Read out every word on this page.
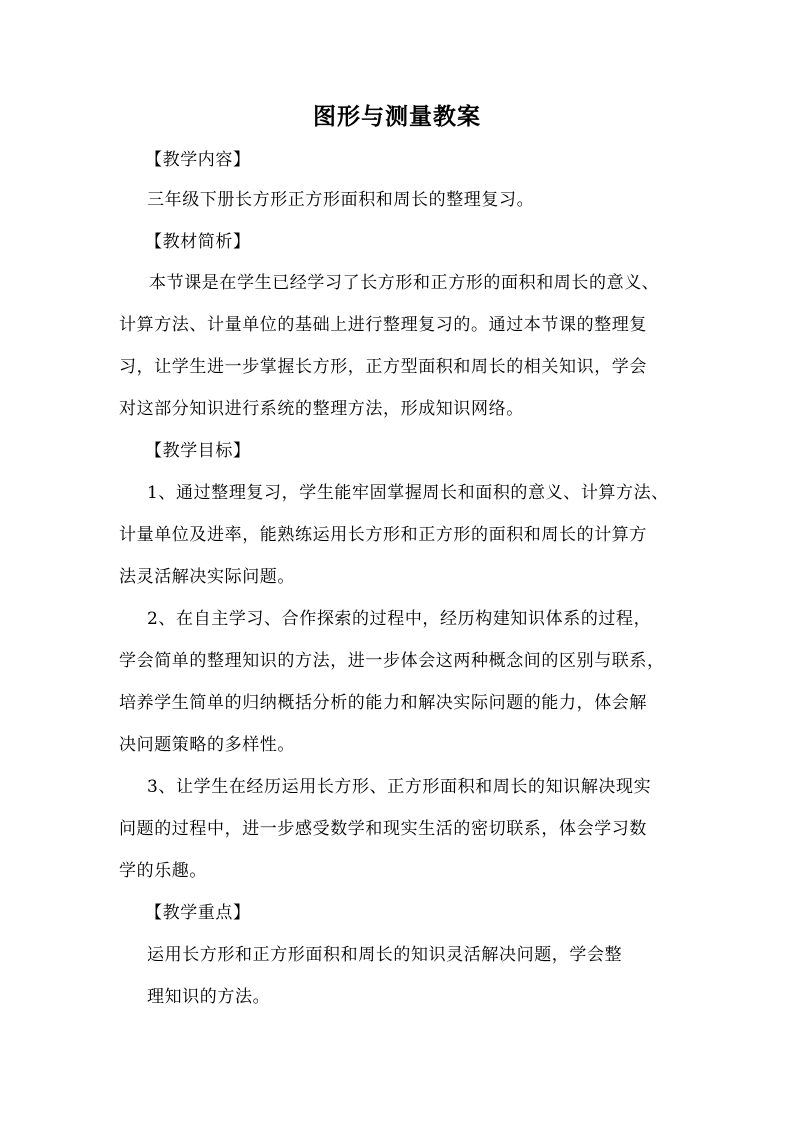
图形与测量教案
【教学内容】
三年级下册长方形正方形面积和周长的整理复习。
【教材简析】
本节课是在学生已经学习了长方形和正方形的面积和周长的意义、
计算方法、计量单位的基础上进行整理复习的。通过本节课的整理复
习，让学生进一步掌握长方形，正方型面积和周长的相关知识，学会
对这部分知识进行系统的整理方法，形成知识网络。
【教学目标】
1、通过整理复习，学生能牢固掌握周长和面积的意义、计算方法、
计量单位及进率，能熟练运用长方形和正方形的面积和周长的计算方
法灵活解决实际问题。
2、在自主学习、合作探索的过程中，经历构建知识体系的过程，
学会简单的整理知识的方法，进一步体会这两种概念间的区别与联系，
培养学生简单的归纳概括分析的能力和解决实际问题的能力，体会解
决问题策略的多样性。
3、让学生在经历运用长方形、正方形面积和周长的知识解决现实
问题的过程中，进一步感受数学和现实生活的密切联系，体会学习数
学的乐趣。
【教学重点】
运用长方形和正方形面积和周长的知识灵活解决问题，学会整
理知识的方法。
